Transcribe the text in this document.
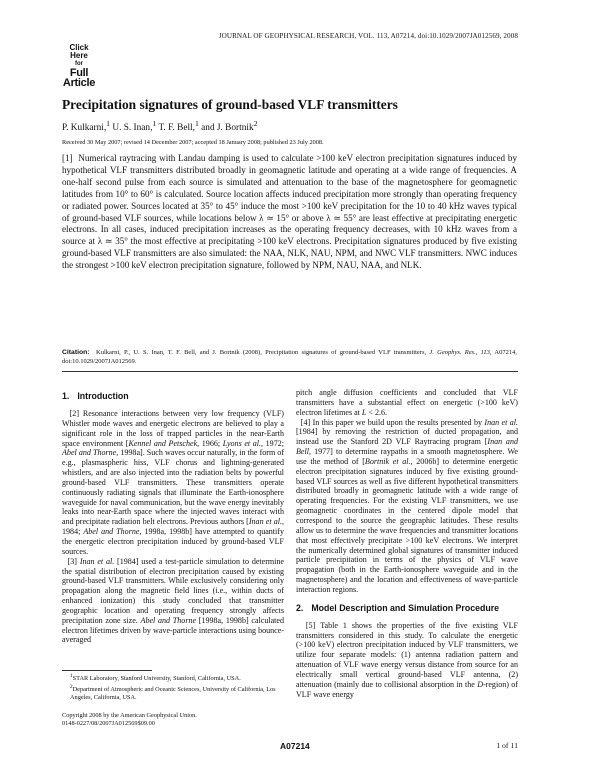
Click
Here
for
Full
Article
JOURNAL OF GEOPHYSICAL RESEARCH, VOL. 113, A07214, doi:10.1029/2007JA012569, 2008
Precipitation signatures of ground-based VLF transmitters
P. Kulkarni,$^1$ U. S. Inan,$^1$ T. F. Bell,$^1$ and J. Bortnik$^2$
Received 30 May 2007; revised 14 December 2007; accepted 18 January 2008; published 23 July 2008.
[1] Numerical raytracing with Landau damping is used to calculate >100 keV electron precipitation signatures induced by hypothetical VLF transmitters distributed broadly in geomagnetic latitude and operating at a wide range of frequencies. A one-half second pulse from each source is simulated and attenuation to the base of the magnetosphere for geomagnetic latitudes from 10° to 60° is calculated. Source location affects induced precipitation more strongly than operating frequency or radiated power. Sources located at 35° to 45° induce the most >100 keV precipitation for the 10 to 40 kHz waves typical of ground-based VLF sources, while locations below λ ≃ 15° or above λ ≃ 55° are least effective at precipitating energetic electrons. In all cases, induced precipitation increases as the operating frequency decreases, with 10 kHz waves from a source at λ ≃ 35° the most effective at precipitating >100 keV electrons. Precipitation signatures produced by five existing ground-based VLF transmitters are also simulated: the NAA, NLK, NAU, NPM, and NWC VLF transmitters. NWC induces the strongest >100 keV electron precipitation signature, followed by NPM, NAU, NAA, and NLK.
Citation: Kulkarni, P., U. S. Inan, T. F. Bell, and J. Bortnik (2008), Precipitation signatures of ground-based VLF transmitters, J. Geophys. Res., 113, A07214, doi:10.1029/2007JA012569.
1. Introduction

[2] Resonance interactions between very low frequency (VLF) Whistler mode waves and energetic electrons are believed to play a significant role in the loss of trapped particles in the near-Earth space environment [Kennel and Petschek, 1966; Lyons et al., 1972; Abel and Thorne, 1998a]. Such waves occur naturally, in the form of e.g., plasmaspheric hiss, VLF chorus and lightning-generated whistlers, and are also injected into the radiation belts by powerful ground-based VLF transmitters. These transmitters operate continuously radiating signals that illuminate the Earth-ionosphere waveguide for naval communication, but the wave energy inevitably leaks into near-Earth space where the injected waves interact with and precipitate radiation belt electrons. Previous authors [Inan et al., 1984; Abel and Thorne, 1998a, 1998b] have attempted to quantify the energetic electron precipitation induced by ground-based VLF sources.

[3] Inan et al. [1984] used a test-particle simulation to determine the spatial distribution of electron precipitation caused by existing ground-based VLF transmitters. While exclusively considering only propagation along the magnetic field lines (i.e., within ducts of enhanced ionization) this study concluded that transmitter geographic location and operating frequency strongly affects precipitation zone size. Abel and Thorne [1998a, 1998b] calculated electron lifetimes driven by wave-particle interactions using bounce-averaged

$^1$STAR Laboratory, Stanford University, Stanford, California, USA.

$^2$Department of Atmospheric and Oceanic Sciences, University of California, Los Angeles, California, USA.

Copyright 2008 by the American Geophysical Union.
0148-0227/08/2007JA012569$09.00

pitch angle diffusion coefficients and concluded that VLF transmitters have a substantial effect on energetic (>100 keV) electron lifetimes at L < 2.6.

[4] In this paper we build upon the results presented by Inan et al. [1984] by removing the restriction of ducted propagation, and instead use the Stanford 2D VLF Raytracing program [Inan and Bell, 1977] to determine raypaths in a smooth magnetosphere. We use the method of [Bortnik et al., 2006b] to determine energetic electron precipitation signatures induced by five existing ground-based VLF sources as well as five different hypothetical transmitters distributed broadly in geomagnetic latitude with a wide range of operating frequencies. For the existing VLF transmitters, we use geomagnetic coordinates in the centered dipole model that correspond to the source the geographic latitudes. These results allow us to determine the wave frequencies and transmitter locations that most effectively precipitate >100 keV electrons. We interpret the numerically determined global signatures of transmitter induced particle precipitation in terms of the physics of VLF wave propagation (both in the Earth-ionosphere waveguide and in the magnetosphere) and the location and effectiveness of wave-particle interaction regions.

2. Model Description and Simulation Procedure

[5] Table 1 shows the properties of the five existing VLF transmitters considered in this study. To calculate the energetic (>100 keV) electron precipitation induced by VLF transmitters, we utilize four separate models: (1) antenna radiation pattern and attenuation of VLF wave energy versus distance from source for an electrically small vertical ground-based VLF antenna, (2) attenuation (mainly due to collisional absorption in the D-region) of VLF wave energy

A07214	1 of 11
